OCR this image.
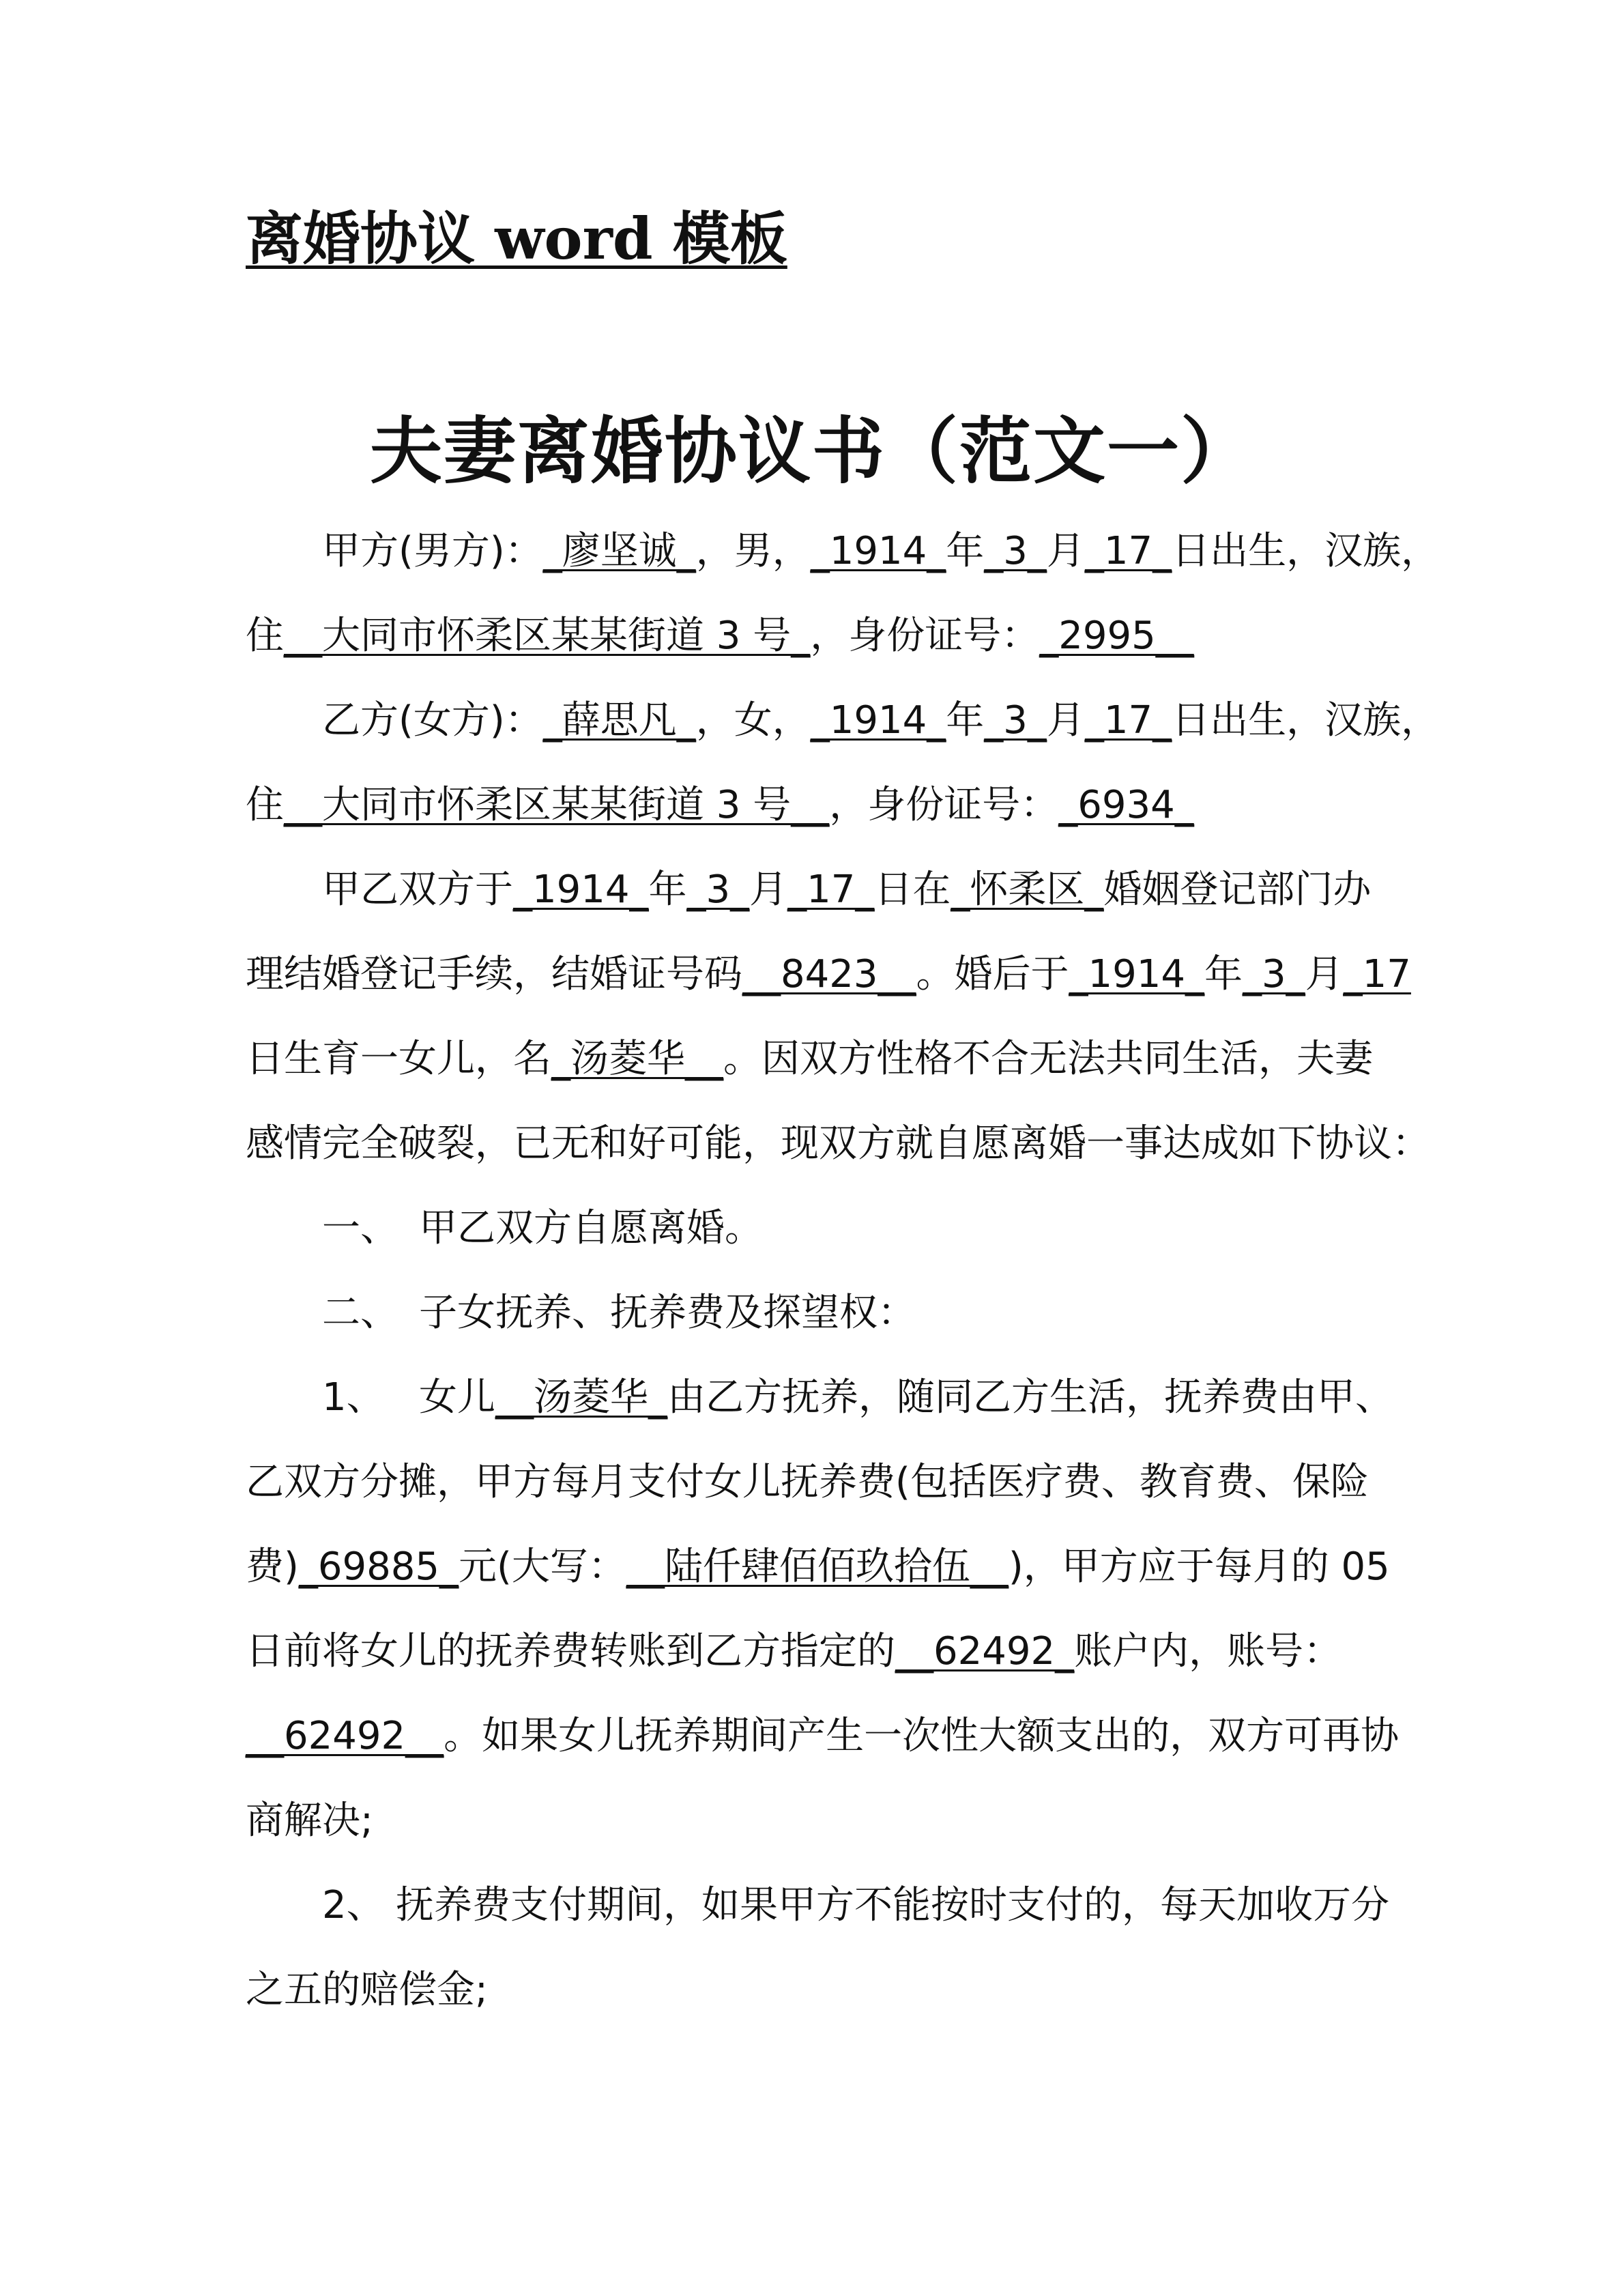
离婚协议 word 模板
夫妻离婚协议书（范文一）
甲方(男方)：_廖坚诚_，男，_1914_年_3_月_17_日出生，汉族，
住__大同市怀柔区某某街道 3 号_，身份证号：_2995__
乙方(女方)：_薛思凡_，女，_1914_年_3_月_17_日出生，汉族，
住__大同市怀柔区某某街道 3 号__，身份证号：_6934_
甲乙双方于_1914_年_3_月_17_日在_怀柔区_婚姻登记部门办
理结婚登记手续，结婚证号码__8423__。婚后于_1914_年_3_月_17
日生育一女儿，名_汤菱华__。因双方性格不合无法共同生活，夫妻
感情完全破裂，已无和好可能，现双方就自愿离婚一事达成如下协议：
一、 甲乙双方自愿离婚。
二、 子女抚养、抚养费及探望权：
1、 女儿__汤菱华_由乙方抚养，随同乙方生活，抚养费由甲、
乙双方分摊，甲方每月支付女儿抚养费(包括医疗费、教育费、保险
费)_69885_元(大写：__陆仟肆佰佰玖拾伍__)，甲方应于每月的 05
日前将女儿的抚养费转账到乙方指定的__62492_账户内，账号：
__62492__。如果女儿抚养期间产生一次性大额支出的，双方可再协
商解决;
2、 抚养费支付期间，如果甲方不能按时支付的，每天加收万分
之五的赔偿金;
